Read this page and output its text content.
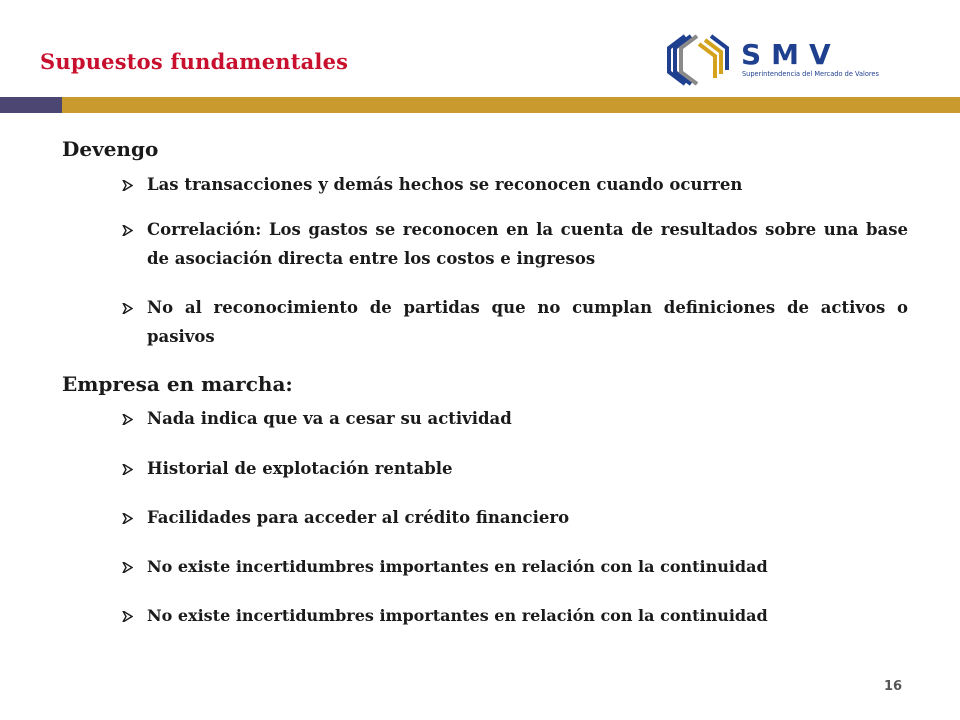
Supuestos fundamentales	SMV
Superintendencia del Mercado de Valores
Devengo
Las transacciones y demás hechos se reconocen cuando ocurren
Correlación: Los gastos se reconocen en la cuenta de resultados sobre una base de asociación directa entre los costos e ingresos
No al reconocimiento de partidas que no cumplan definiciones de activos o pasivos
Empresa en marcha:
Nada indica que va a cesar su actividad
Historial de explotación rentable
Facilidades para acceder al crédito financiero
No existe incertidumbres importantes en relación con la continuidad
No existe incertidumbres importantes en relación con la continuidad
16
